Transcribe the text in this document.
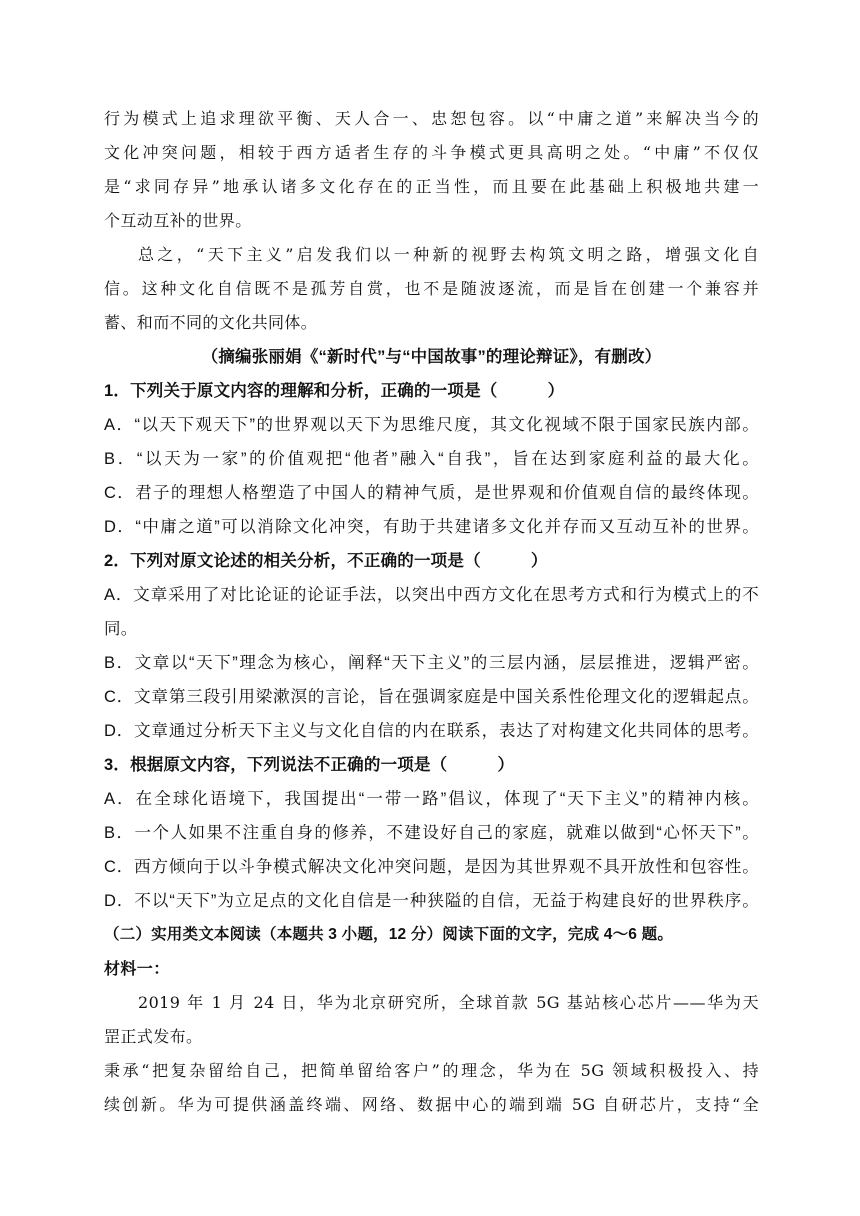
行为模式上追求理欲平衡、天人合一、忠恕包容。以“中庸之道”来解决当今的
文化冲突问题，相较于西方适者生存的斗争模式更具高明之处。“中庸”不仅仅
是“求同存异”地承认诸多文化存在的正当性，而且要在此基础上积极地共建一
个互动互补的世界。
总之，“天下主义”启发我们以一种新的视野去构筑文明之路，增强文化自
信。这种文化自信既不是孤芳自赏，也不是随波逐流，而是旨在创建一个兼容并
蓄、和而不同的文化共同体。
（摘编张丽娟《“新时代”与“中国故事”的理论辩证》，有删改）
1．下列关于原文内容的理解和分析，正确的一项是（　　　）
A．“以天下观天下”的世界观以天下为思维尺度，其文化视域不限于国家民族内部。
B．“以天为一家”的价值观把“他者”融入“自我”，旨在达到家庭利益的最大化。
C．君子的理想人格塑造了中国人的精神气质，是世界观和价值观自信的最终体现。
D．“中庸之道”可以消除文化冲突，有助于共建诸多文化并存而又互动互补的世界。
2．下列对原文论述的相关分析，不正确的一项是（　　　）
A．文章采用了对比论证的论证手法，以突出中西方文化在思考方式和行为模式上的不
同。
B．文章以“天下”理念为核心，阐释“天下主义”的三层内涵，层层推进，逻辑严密。
C．文章第三段引用梁漱溟的言论，旨在强调家庭是中国关系性伦理文化的逻辑起点。
D．文章通过分析天下主义与文化自信的内在联系，表达了对构建文化共同体的思考。
3．根据原文内容，下列说法不正确的一项是（　　　）
A．在全球化语境下，我国提出“一带一路”倡议，体现了“天下主义”的精神内核。
B．一个人如果不注重自身的修养，不建设好自己的家庭，就难以做到“心怀天下”。
C．西方倾向于以斗争模式解决文化冲突问题，是因为其世界观不具开放性和包容性。
D．不以“天下”为立足点的文化自信是一种狭隘的自信，无益于构建良好的世界秩序。
（二）实用类文本阅读（本题共 3 小题，12 分）阅读下面的文字，完成 4～6 题。
材料一：
2019 年 1 月 24 日，华为北京研究所，全球首款 5G 基站核心芯片——华为天
罡正式发布。
秉承“把复杂留给自己，把简单留给客户”的理念，华为在 5G 领域积极投入、持
续创新。华为可提供涵盖终端、网络、数据中心的端到端 5G 自研芯片，支持“全
